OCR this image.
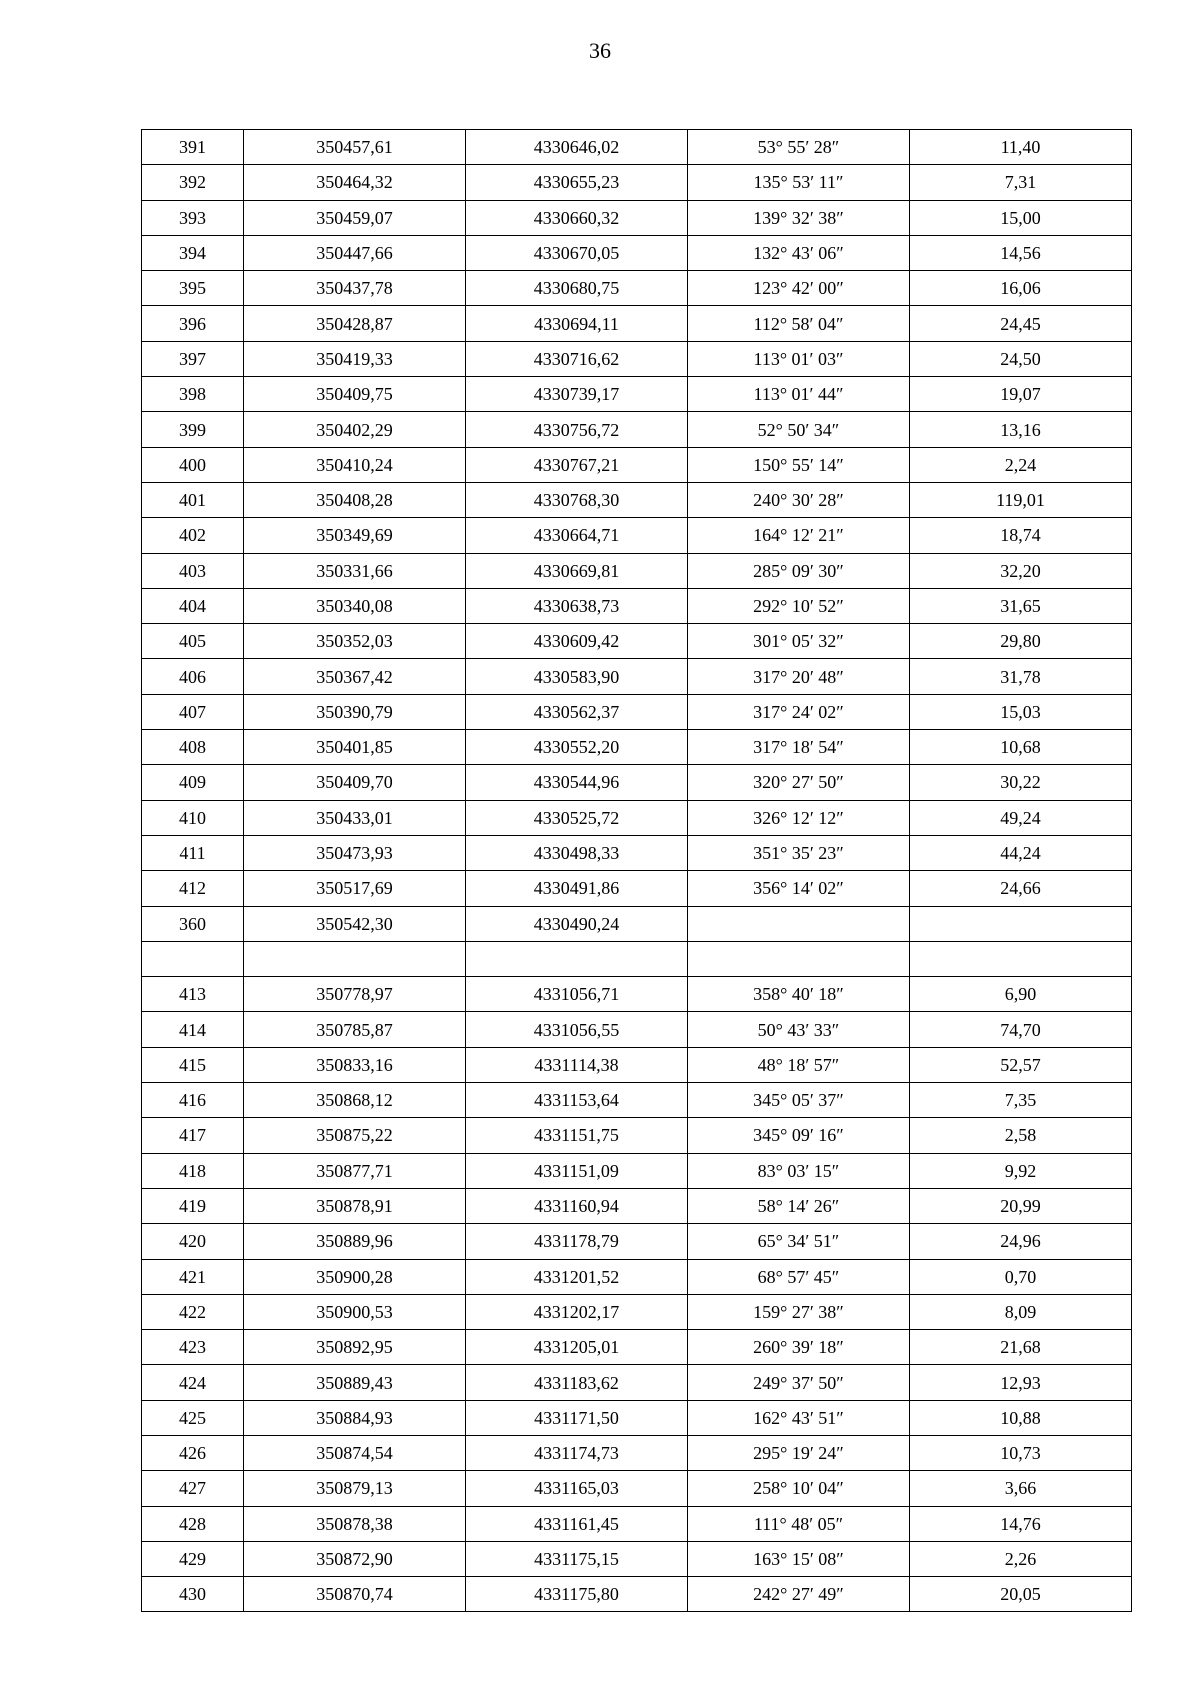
36
391	350457,61	4330646,02	53° 55′ 28″	11,40
392	350464,32	4330655,23	135° 53′ 11″	7,31
393	350459,07	4330660,32	139° 32′ 38″	15,00
394	350447,66	4330670,05	132° 43′ 06″	14,56
395	350437,78	4330680,75	123° 42′ 00″	16,06
396	350428,87	4330694,11	112° 58′ 04″	24,45
397	350419,33	4330716,62	113° 01′ 03″	24,50
398	350409,75	4330739,17	113° 01′ 44″	19,07
399	350402,29	4330756,72	52° 50′ 34″	13,16
400	350410,24	4330767,21	150° 55′ 14″	2,24
401	350408,28	4330768,30	240° 30′ 28″	119,01
402	350349,69	4330664,71	164° 12′ 21″	18,74
403	350331,66	4330669,81	285° 09′ 30″	32,20
404	350340,08	4330638,73	292° 10′ 52″	31,65
405	350352,03	4330609,42	301° 05′ 32″	29,80
406	350367,42	4330583,90	317° 20′ 48″	31,78
407	350390,79	4330562,37	317° 24′ 02″	15,03
408	350401,85	4330552,20	317° 18′ 54″	10,68
409	350409,70	4330544,96	320° 27′ 50″	30,22
410	350433,01	4330525,72	326° 12′ 12″	49,24
411	350473,93	4330498,33	351° 35′ 23″	44,24
412	350517,69	4330491,86	356° 14′ 02″	24,66
360	350542,30	4330490,24		

413	350778,97	4331056,71	358° 40′ 18″	6,90
414	350785,87	4331056,55	50° 43′ 33″	74,70
415	350833,16	4331114,38	48° 18′ 57″	52,57
416	350868,12	4331153,64	345° 05′ 37″	7,35
417	350875,22	4331151,75	345° 09′ 16″	2,58
418	350877,71	4331151,09	83° 03′ 15″	9,92
419	350878,91	4331160,94	58° 14′ 26″	20,99
420	350889,96	4331178,79	65° 34′ 51″	24,96
421	350900,28	4331201,52	68° 57′ 45″	0,70
422	350900,53	4331202,17	159° 27′ 38″	8,09
423	350892,95	4331205,01	260° 39′ 18″	21,68
424	350889,43	4331183,62	249° 37′ 50″	12,93
425	350884,93	4331171,50	162° 43′ 51″	10,88
426	350874,54	4331174,73	295° 19′ 24″	10,73
427	350879,13	4331165,03	258° 10′ 04″	3,66
428	350878,38	4331161,45	111° 48′ 05″	14,76
429	350872,90	4331175,15	163° 15′ 08″	2,26
430	350870,74	4331175,80	242° 27′ 49″	20,05
